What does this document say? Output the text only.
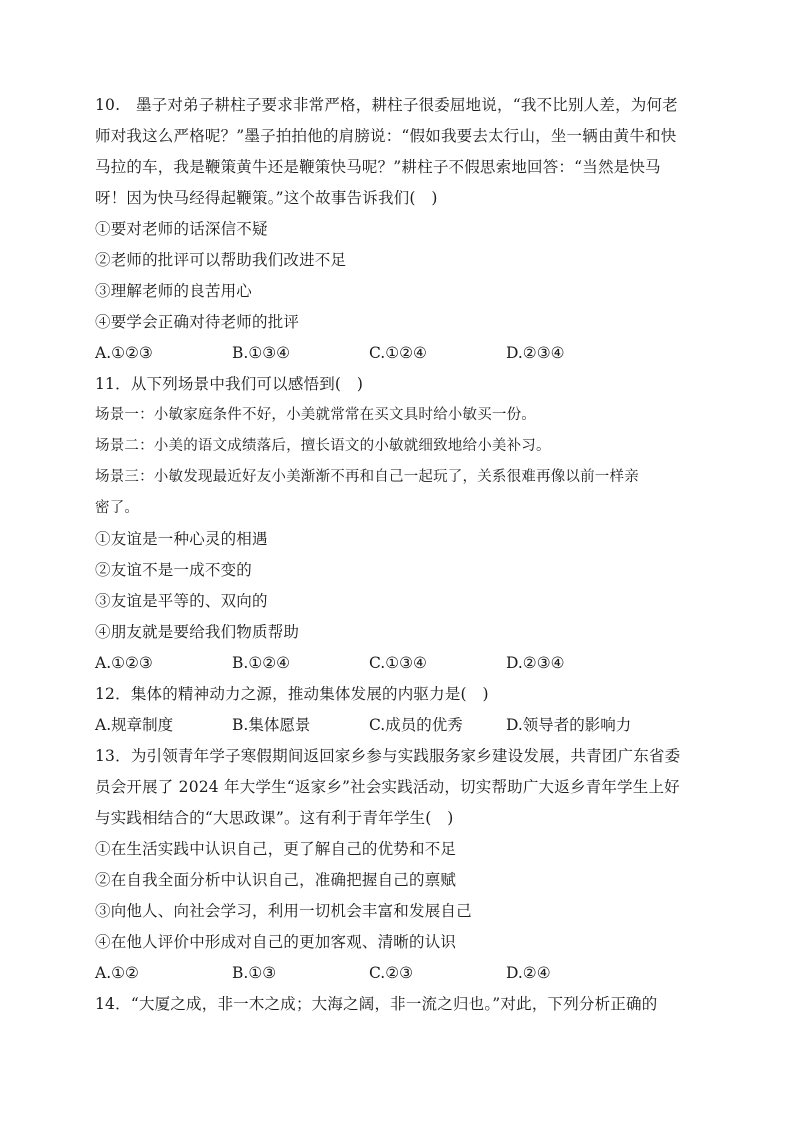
10.　墨子对弟子耕柱子要求非常严格，耕柱子很委屈地说，“我不比别人差，为何老
师对我这么严格呢？”墨子拍拍他的肩膀说：“假如我要去太行山，坐一辆由黄牛和快
马拉的车，我是鞭策黄牛还是鞭策快马呢？”耕柱子不假思索地回答：“当然是快马
呀！因为快马经得起鞭策。”这个故事告诉我们(　)
①要对老师的话深信不疑
②老师的批评可以帮助我们改进不足
③理解老师的良苦用心
④要学会正确对待老师的批评
A.①②③	B.①③④	C.①②④	D.②③④
11．从下列场景中我们可以感悟到(　)
场景一：小敏家庭条件不好，小美就常常在买文具时给小敏买一份。
场景二：小美的语文成绩落后，擅长语文的小敏就细致地给小美补习。
场景三：小敏发现最近好友小美渐渐不再和自己一起玩了，关系很难再像以前一样亲
密了。
①友谊是一种心灵的相遇
②友谊不是一成不变的
③友谊是平等的、双向的
④朋友就是要给我们物质帮助
A.①②③	B.①②④	C.①③④	D.②③④
12．集体的精神动力之源，推动集体发展的内驱力是(　)
A.规章制度	B.集体愿景	C.成员的优秀	D.领导者的影响力
13．为引领青年学子寒假期间返回家乡参与实践服务家乡建设发展，共青团广东省委
员会开展了 2024 年大学生“返家乡”社会实践活动，切实帮助广大返乡青年学生上好
与实践相结合的“大思政课”。这有利于青年学生(　)
①在生活实践中认识自己，更了解自己的优势和不足
②在自我全面分析中认识自己，准确把握自己的禀赋
③向他人、向社会学习，利用一切机会丰富和发展自己
④在他人评价中形成对自己的更加客观、清晰的认识
A.①②	B.①③	C.②③	D.②④
14．“大厦之成，非一木之成；大海之阔，非一流之归也。”对此，下列分析正确的
